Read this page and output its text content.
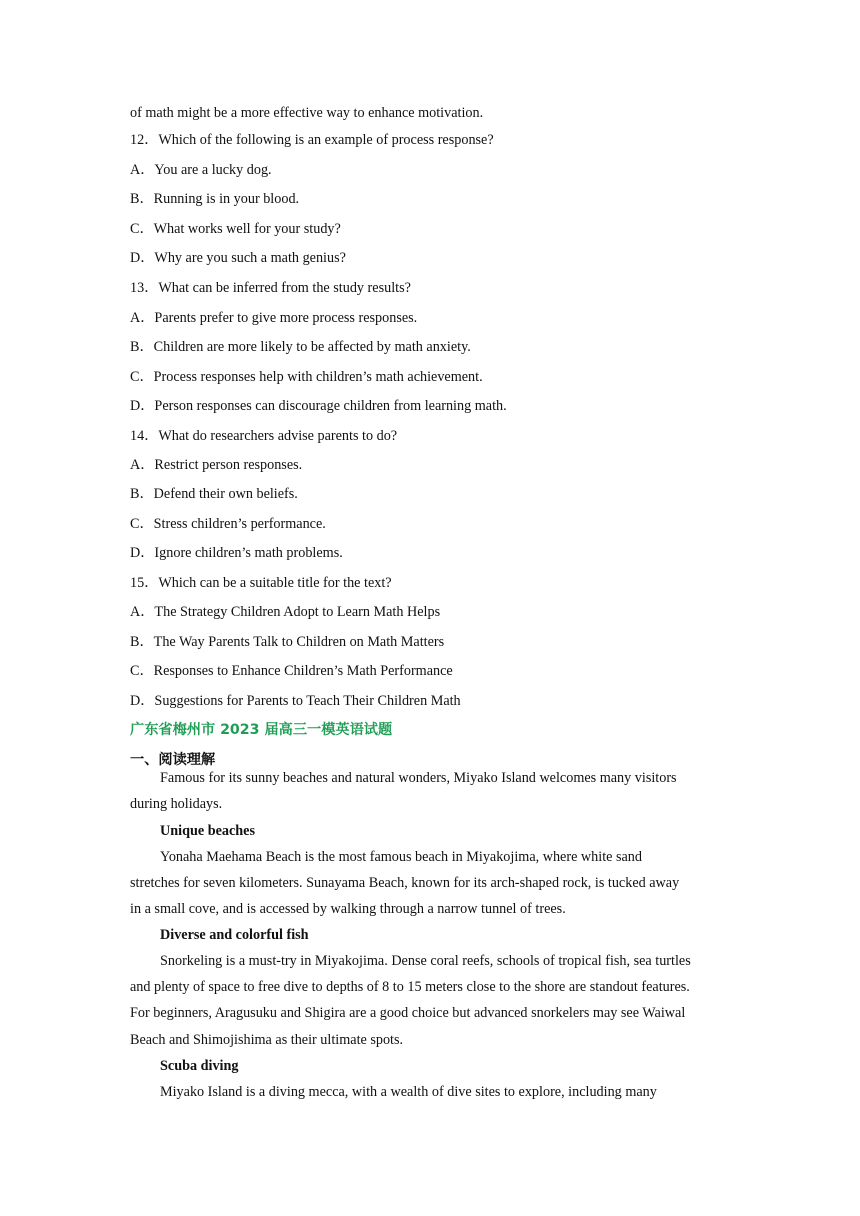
of math might be a more effective way to enhance motivation.
12．Which of the following is an example of process response?
A．You are a lucky dog.
B．Running is in your blood.
C．What works well for your study?
D．Why are you such a math genius?
13．What can be inferred from the study results?
A．Parents prefer to give more process responses.
B．Children are more likely to be affected by math anxiety.
C．Process responses help with children’s math achievement.
D．Person responses can discourage children from learning math.
14．What do researchers advise parents to do?
A．Restrict person responses.
B．Defend their own beliefs.
C．Stress children’s performance.
D．Ignore children’s math problems.
15．Which can be a suitable title for the text?
A．The Strategy Children Adopt to Learn Math Helps
B．The Way Parents Talk to Children on Math Matters
C．Responses to Enhance Children’s Math Performance
D．Suggestions for Parents to Teach Their Children Math
广东省梅州市 2023 届高三一模英语试题
一、阅读理解
Famous for its sunny beaches and natural wonders, Miyako Island welcomes many visitors
during holidays.
Unique beaches
Yonaha Maehama Beach is the most famous beach in Miyakojima, where white sand
stretches for seven kilometers. Sunayama Beach, known for its arch-shaped rock, is tucked away
in a small cove, and is accessed by walking through a narrow tunnel of trees.
Diverse and colorful fish
Snorkeling is a must-try in Miyakojima. Dense coral reefs, schools of tropical fish, sea turtles
and plenty of space to free dive to depths of 8 to 15 meters close to the shore are standout features.
For beginners, Aragusuku and Shigira are a good choice but advanced snorkelers may see Waiwal
Beach and Shimojishima as their ultimate spots.
Scuba diving
Miyako Island is a diving mecca, with a wealth of dive sites to explore, including many
